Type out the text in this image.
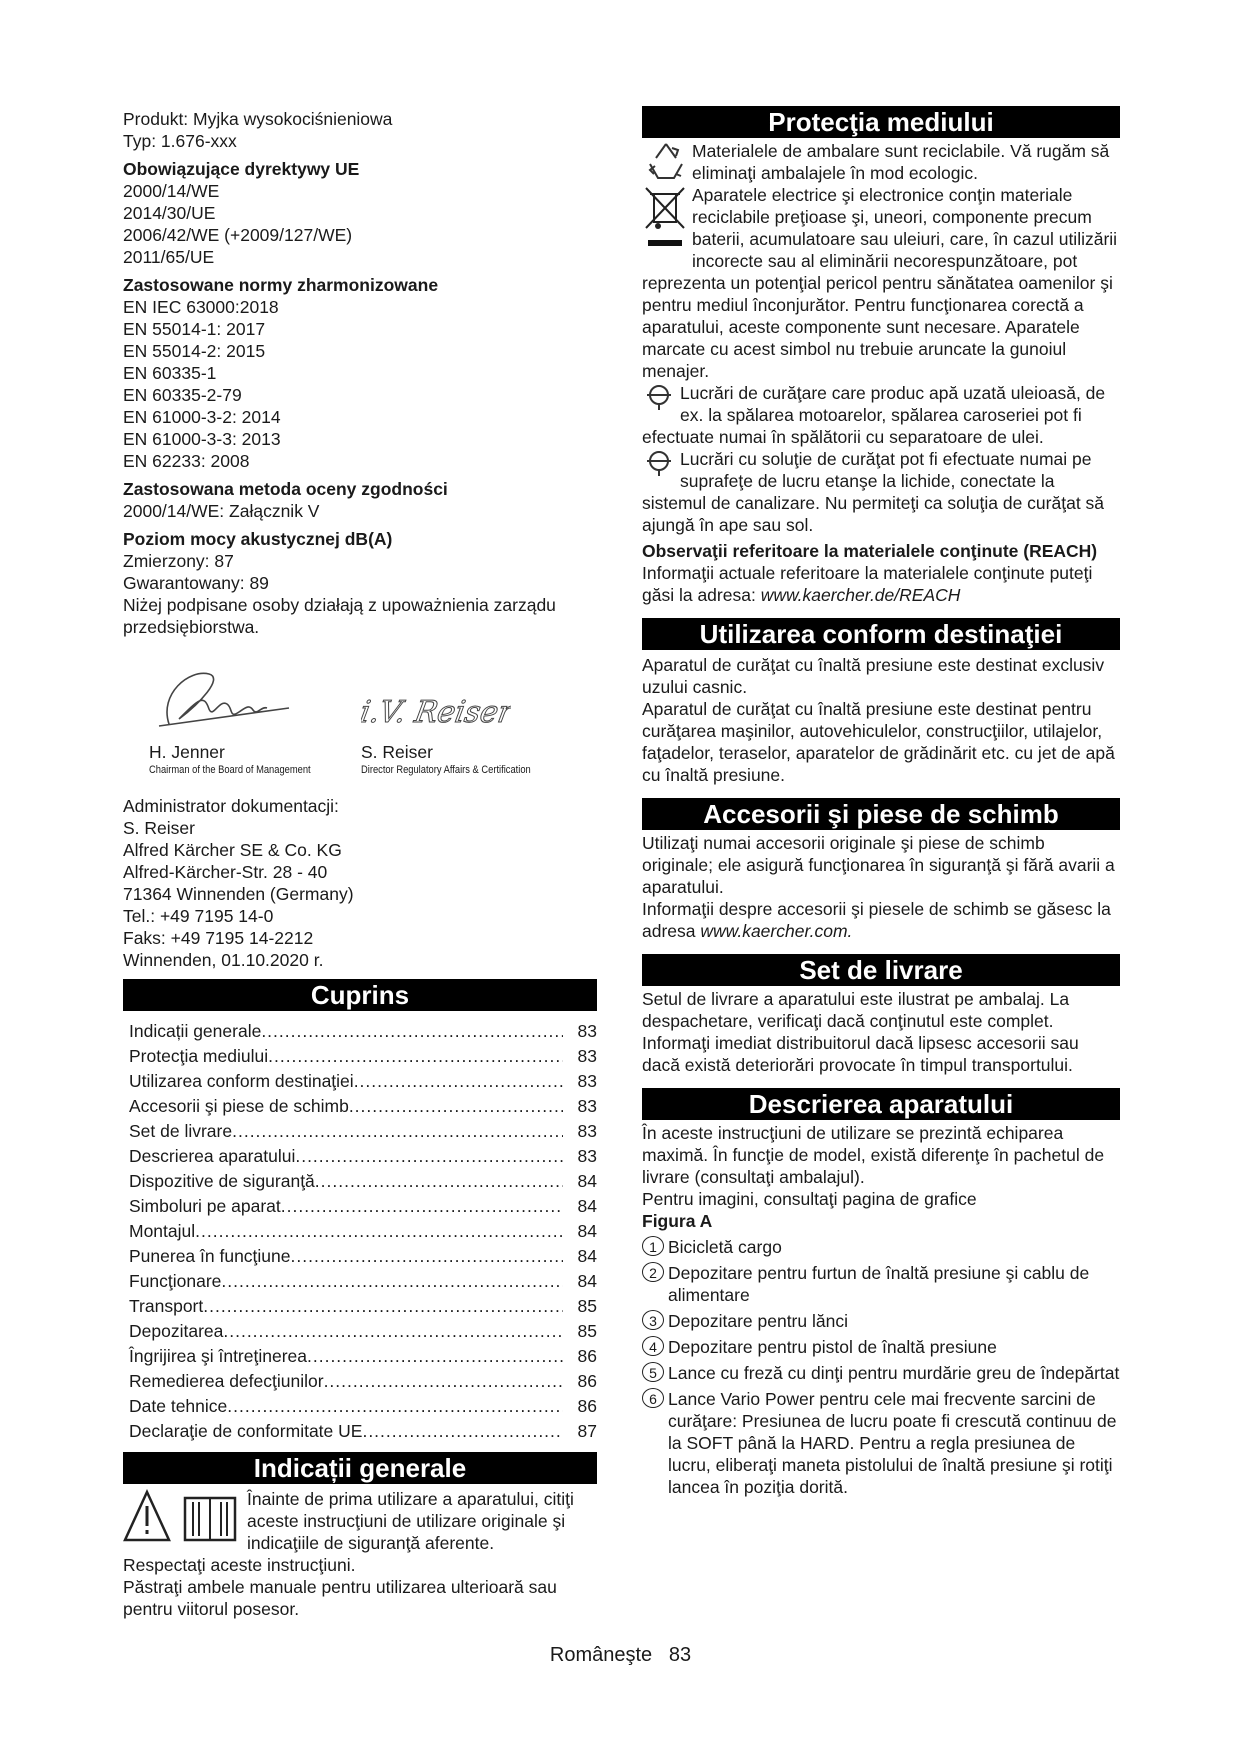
Produkt: Myjka wysokociśnieniowa

Typ: 1.676-xxx

Obowiązujące dyrektywy UE

2000/14/WE

2014/30/UE

2006/42/WE (+2009/127/WE)

2011/65/UE

Zastosowane normy zharmonizowane

EN IEC 63000:2018

EN 55014-1: 2017

EN 55014-2: 2015

EN 60335-1

EN 60335-2-79

EN 61000-3-2: 2014

EN 61000-3-3: 2013

EN 62233: 2008

Zastosowana metoda oceny zgodności

2000/14/WE: Załącznik V

Poziom mocy akustycznej dB(A)

Zmierzony: 87

Gwarantowany: 89

Niżej podpisane osoby działają z upoważnienia zarządu przedsiębiorstwa.

H. Jenner

Chairman of the Board of Management
i.V. Reiser

S. Reiser

Director Regulatory Affairs & Certification

Administrator dokumentacji:

S. Reiser

Alfred Kärcher SE & Co. KG

Alfred-Kärcher-Str. 28 - 40

71364 Winnenden (Germany)

Tel.: +49 7195 14-0

Faks: +49 7195 14-2212

Winnenden, 01.10.2020 r.

Cuprins
Indicații generale .....	83
Protecţia mediului .....	83
Utilizarea conform destinaţiei .....	83
Accesorii şi piese de schimb .....	83
Set de livrare .....	83
Descrierea aparatului .....	83
Dispozitive de siguranţă .....	84
Simboluri pe aparat .....	84
Montajul .....	84
Punerea în funcţiune .....	84
Funcţionare .....	84
Transport .....	85
Depozitarea .....	85
Îngrijirea şi întreţinerea .....	86
Remedierea defecţiunilor .....	86
Date tehnice .....	86
Declaraţie de conformitate UE .....	87
Indicații generale

Înainte de prima utilizare a aparatului, citiţi aceste instrucţiuni de utilizare originale şi indicaţiile de siguranţă aferente.

Respectaţi aceste instrucţiuni.

Păstraţi ambele manuale pentru utilizarea ulterioară sau pentru viitorul posesor.

Protecţia mediului

Materialele de ambalare sunt reciclabile. Vă rugăm să eliminaţi ambalajele în mod ecologic.

Aparatele electrice şi electronice conţin materiale reciclabile preţioase şi, uneori, componente precum baterii, acumulatoare sau uleiuri, care, în cazul utilizării incorecte sau al eliminării necorespunzătoare, pot reprezenta un potenţial pericol pentru sănătatea oamenilor şi pentru mediul înconjurător. Pentru funcţionarea corectă a aparatului, aceste componente sunt necesare. Aparatele marcate cu acest simbol nu trebuie aruncate la gunoiul menajer.

Lucrări de curăţare care produc apă uzată uleioasă, de ex. la spălarea motoarelor, spălarea caroseriei pot fi efectuate numai în spălătorii cu separatoare de ulei.

Lucrări cu soluţie de curăţat pot fi efectuate numai pe suprafeţe de lucru etanşe la lichide, conectate la sistemul de canalizare. Nu permiteţi ca soluţia de curăţat să ajungă în ape sau sol.

Observaţii referitoare la materialele conţinute (REACH)

Informaţii actuale referitoare la materialele conţinute puteţi găsi la adresa: www.kaercher.de/REACH

Utilizarea conform destinaţiei

Aparatul de curăţat cu înaltă presiune este destinat exclusiv uzului casnic.

Aparatul de curăţat cu înaltă presiune este destinat pentru curăţarea maşinilor, autovehiculelor, construcţiilor, utilajelor, faţadelor, teraselor, aparatelor de grădinărit etc. cu jet de apă cu înaltă presiune.

Accesorii şi piese de schimb

Utilizaţi numai accesorii originale şi piese de schimb originale; ele asigură funcţionarea în siguranţă şi fără avarii a aparatului.

Informaţii despre accesorii şi piesele de schimb se găsesc la adresa www.kaercher.com.

Set de livrare

Setul de livrare a aparatului este ilustrat pe ambalaj. La despachetare, verificaţi dacă conţinutul este complet. Informaţi imediat distribuitorul dacă lipsesc accesorii sau dacă există deteriorări provocate în timpul transportului.

Descrierea aparatului

În aceste instrucţiuni de utilizare se prezintă echiparea maximă. În funcţie de model, există diferenţe în pachetul de livrare (consultaţi ambalajul).

Pentru imagini, consultaţi pagina de grafice

Figura A

1 Bicicletă cargo
2 Depozitare pentru furtun de înaltă presiune şi cablu de alimentare
3 Depozitare pentru lănci
4 Depozitare pentru pistol de înaltă presiune
5 Lance cu freză cu dinţi pentru murdărie greu de îndepărtat
6 Lance Vario Power pentru cele mai frecvente sarcini de curăţare: Presiunea de lucru poate fi crescută continuu de la SOFT până la HARD. Pentru a regla presiunea de lucru, eliberaţi maneta pistolului de înaltă presiune şi rotiţi lancea în poziţia dorită.
Româneşte 83
